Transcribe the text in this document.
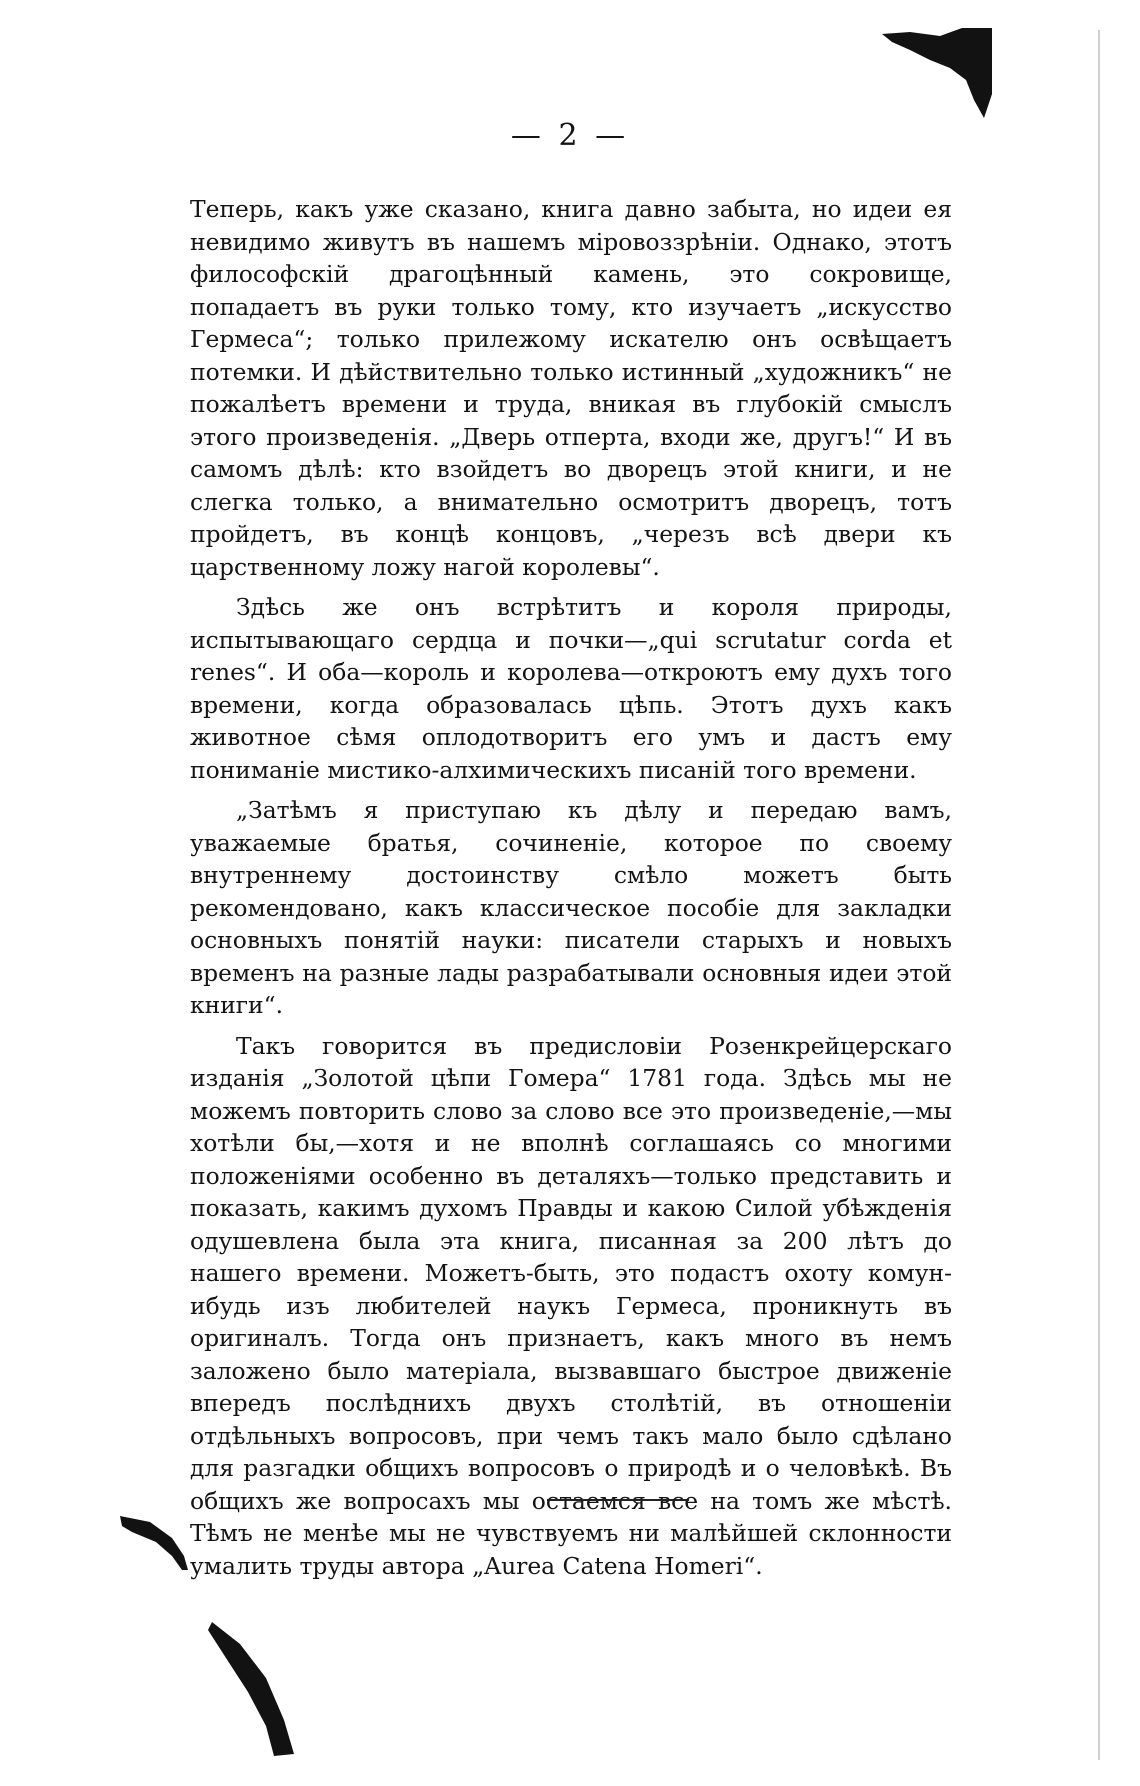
— 2 —

Теперь, какъ уже сказано, книга давно забыта, но идеи ея невидимо живутъ въ нашемъ міровоззрѣніи. Однако, этотъ философскій драгоцѣнный камень, это сокровище, попадаетъ въ руки только тому, кто изучаетъ „искусство Гермеса“; только прилежому искателю онъ освѣщаетъ потемки. И дѣйствительно только истинный „художникъ“ не пожалѣетъ времени и труда, вникая въ глубокій смыслъ этого произведенія. „Дверь отперта, входи же, другъ!“ И въ самомъ дѣлѣ: кто взойдетъ во дворецъ этой книги, и не слегка только, а внимательно осмотритъ дворецъ, тотъ пройдетъ, въ концѣ концовъ, „черезъ всѣ двери къ царственному ложу нагой королевы“.

Здѣсь же онъ встрѣтитъ и короля природы, испытывающаго сердца и почки—„qui scrutatur corda et renes“. И оба—король и королева—откроютъ ему духъ того времени, когда образовалась цѣпь. Этотъ духъ какъ животное сѣмя оплодотворитъ его умъ и дастъ ему пониманіе мистико-алхимическихъ писаній того времени.

„Затѣмъ я приступаю къ дѣлу и передаю вамъ, уважаемые братья, сочиненіе, которое по своему внутреннему достоинству смѣло можетъ быть рекомендовано, какъ классическое пособіе для закладки основныхъ понятій науки: писатели старыхъ и новыхъ временъ на разные лады разрабатывали основныя идеи этой книги“.

Такъ говорится въ предисловіи Розенкрейцерскаго изданія „Золотой цѣпи Гомера“ 1781 года. Здѣсь мы не можемъ повторить слово за слово все это произведеніе,—мы хотѣли бы,—хотя и не вполнѣ соглашаясь со многими положеніями особенно въ деталяхъ—только представить и показать, какимъ духомъ Правды и какою Силой убѣжденія одушевлена была эта книга, писанная за 200 лѣтъ до нашего времени. Можетъ-быть, это подастъ охоту комун-ибудь изъ любителей наукъ Гермеса, проникнуть въ оригиналъ. Тогда онъ признаетъ, какъ много въ немъ заложено было матеріала, вызвавшаго быстрое движеніе впередъ послѣднихъ двухъ столѣтій, въ отношеніи отдѣльныхъ вопросовъ, при чемъ такъ мало было сдѣлано для разгадки общихъ вопросовъ о природѣ и о человѣкѣ. Въ общихъ же вопросахъ мы остаемся все на томъ же мѣстѣ. Тѣмъ не менѣе мы не чувствуемъ ни малѣйшей склонности умалить труды автора „Aurea Catena Homeri“.
